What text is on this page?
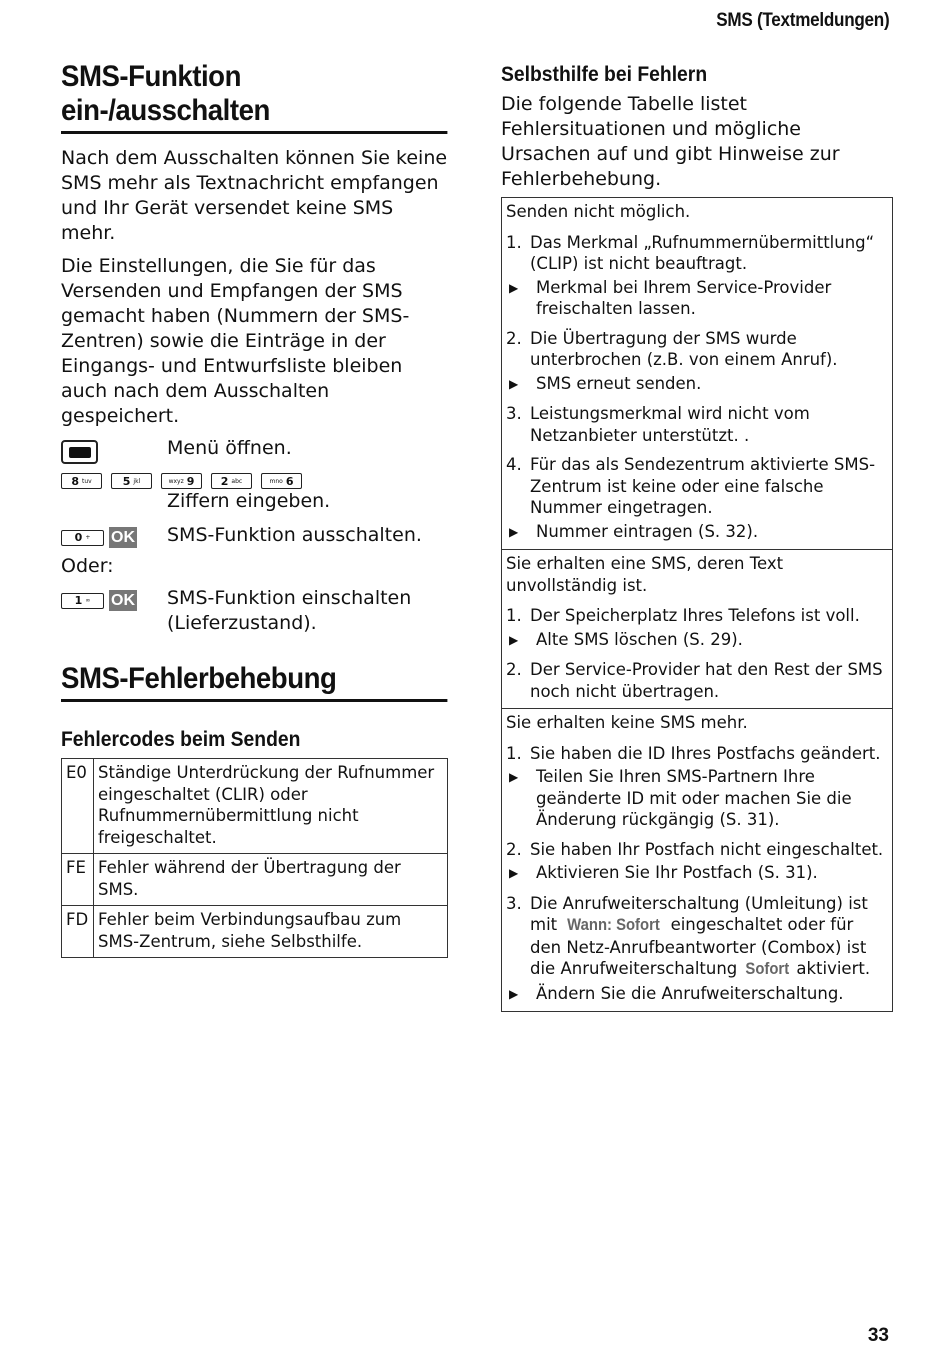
SMS (Textmeldungen)
SMS-Funktion ein-/ausschalten

Nach dem Ausschalten können Sie keine SMS mehr als Textnachricht empfangen und Ihr Gerät versendet keine SMS mehr.

Die Einstellungen, die Sie für das Versenden und Empfangen der SMS gemacht haben (Nummern der SMS-Zentren) sowie die Einträge in der Eingangs- und Entwurfsliste bleiben auch nach dem Ausschalten gespeichert.

Menü öffnen.
8 tuv	5 jkl	wxyz 9 2 abc	mno 6
Ziffern eingeben.
0 + OK SMS-Funktion ausschalten.
Oder:
1 ∞ OK SMS-Funktion einschalten (Lieferzustand).
SMS-Fehlerbehebung
Fehlercodes beim Senden
E0	Ständige Unterdrückung der Rufnummer eingeschaltet (CLIR) oder Rufnummernübermittlung nicht freigeschaltet.
FE	Fehler während der Übertragung der SMS.
FD	Fehler beim Verbindungsaufbau zum SMS-Zentrum, siehe Selbsthilfe.
Selbsthilfe bei Fehlern

Die folgende Tabelle listet Fehlersituationen und mögliche Ursachen auf und gibt Hinweise zur Fehlerbehebung.

Senden nicht möglich.
1. Das Merkmal „Rufnummernübermittlung“ (CLIP) ist nicht beauftragt.
▶	Merkmal bei Ihrem Service-Provider freischalten lassen.
2. Die Übertragung der SMS wurde unterbrochen (z.B. von einem Anruf).
▶	SMS erneut senden.
3. Leistungsmerkmal wird nicht vom Netzanbieter unterstützt. .
4. Für das als Sendezentrum aktivierte SMS-Zentrum ist keine oder eine falsche Nummer eingetragen.
▶	Nummer eintragen (S. 32).
Sie erhalten eine SMS, deren Text unvollständig ist.
1. Der Speicherplatz Ihres Telefons ist voll.
▶	Alte SMS löschen (S. 29).
2. Der Service-Provider hat den Rest der SMS noch nicht übertragen.
Sie erhalten keine SMS mehr.
1. Sie haben die ID Ihres Postfachs geändert.
▶	Teilen Sie Ihren SMS-Partnern Ihre geänderte ID mit oder machen Sie die Änderung rückgängig (S. 31).
2. Sie haben Ihr Postfach nicht eingeschaltet.
▶	Aktivieren Sie Ihr Postfach (S. 31).
3. Die Anrufweiterschaltung (Umleitung) ist mit Wann: Sofort eingeschaltet oder für den Netz-Anrufbeantworter (Combox) ist die Anrufweiterschaltung Sofort aktiviert.
▶	Ändern Sie die Anrufweiterschaltung.
33
